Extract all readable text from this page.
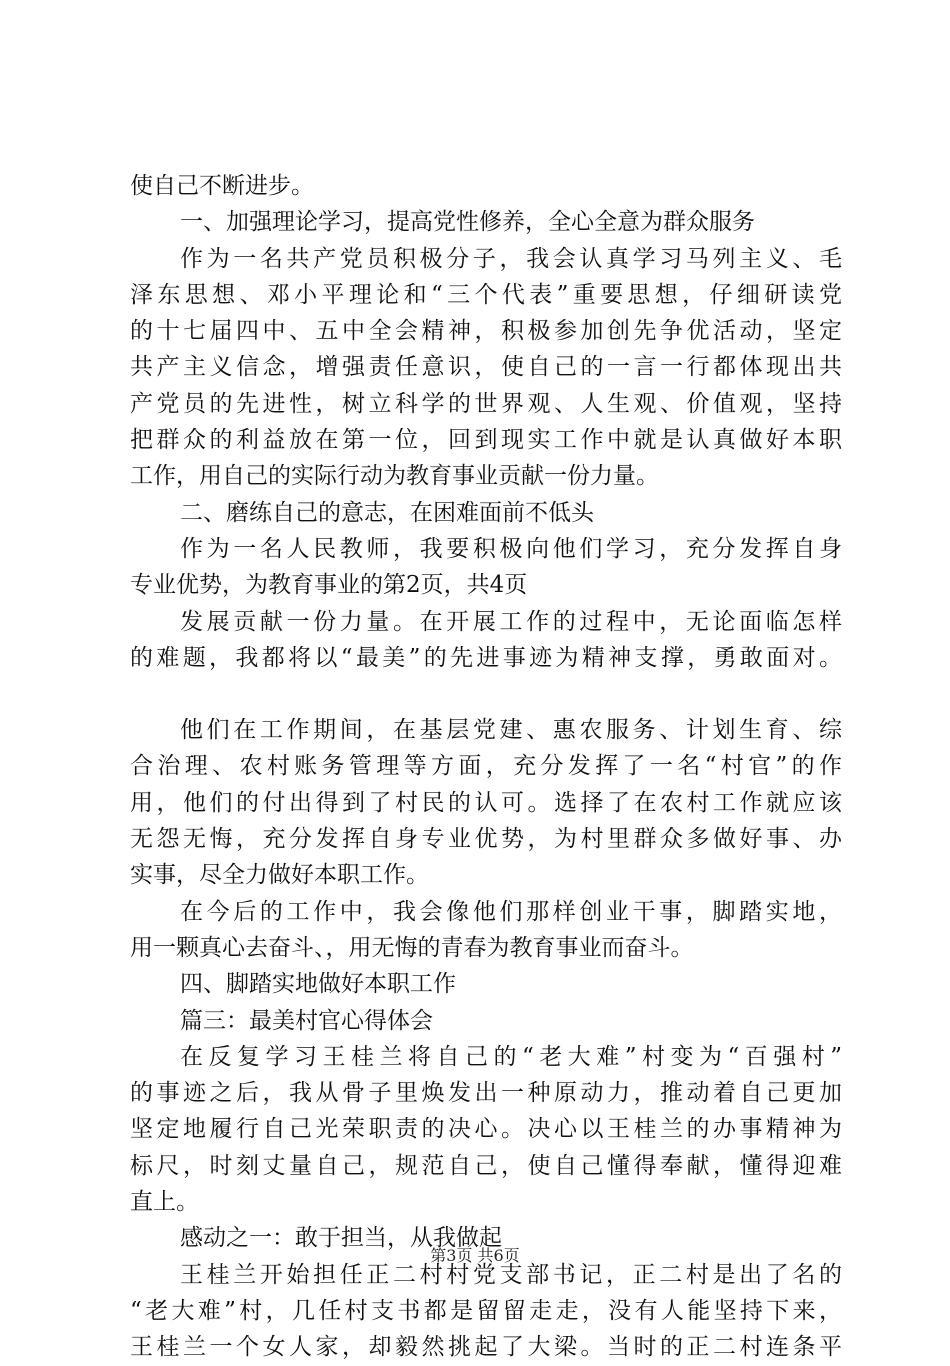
使自己不断进步。
一、加强理论学习，提高党性修养，全心全意为群众服务
作为一名共产党员积极分子，我会认真学习马列主义、毛
泽东思想、邓小平理论和“三个代表”重要思想，仔细研读党
的十七届四中、五中全会精神，积极参加创先争优活动，坚定
共产主义信念，增强责任意识，使自己的一言一行都体现出共
产党员的先进性，树立科学的世界观、人生观、价值观，坚持
把群众的利益放在第一位，回到现实工作中就是认真做好本职
工作，用自己的实际行动为教育事业贡献一份力量。
二、磨练自己的意志，在困难面前不低头
作为一名人民教师，我要积极向他们学习，充分发挥自身
专业优势，为教育事业的第2页，共4页
发展贡献一份力量。在开展工作的过程中，无论面临怎样
的难题，我都将以“最美”的先进事迹为精神支撑，勇敢面对。
他们在工作期间，在基层党建、惠农服务、计划生育、综
合治理、农村账务管理等方面，充分发挥了一名“村官”的作
用，他们的付出得到了村民的认可。选择了在农村工作就应该
无怨无悔，充分发挥自身专业优势，为村里群众多做好事、办
实事，尽全力做好本职工作。
在今后的工作中，我会像他们那样创业干事，脚踏实地，
用一颗真心去奋斗、，用无悔的青春为教育事业而奋斗。
四、脚踏实地做好本职工作
篇三：最美村官心得体会
在反复学习王桂兰将自己的“老大难”村变为“百强村”
的事迹之后，我从骨子里焕发出一种原动力，推动着自己更加
坚定地履行自己光荣职责的决心。决心以王桂兰的办事精神为
标尺，时刻丈量自己，规范自己，使自己懂得奉献，懂得迎难
直上。
感动之一：敢于担当，从我做起
王桂兰开始担任正二村村党支部书记，正二村是出了名的
“老大难”村，几任村支书都是留留走走，没有人能坚持下来，
王桂兰一个女人家，却毅然挑起了大梁。当时的正二村连条平
第3页 共6页
